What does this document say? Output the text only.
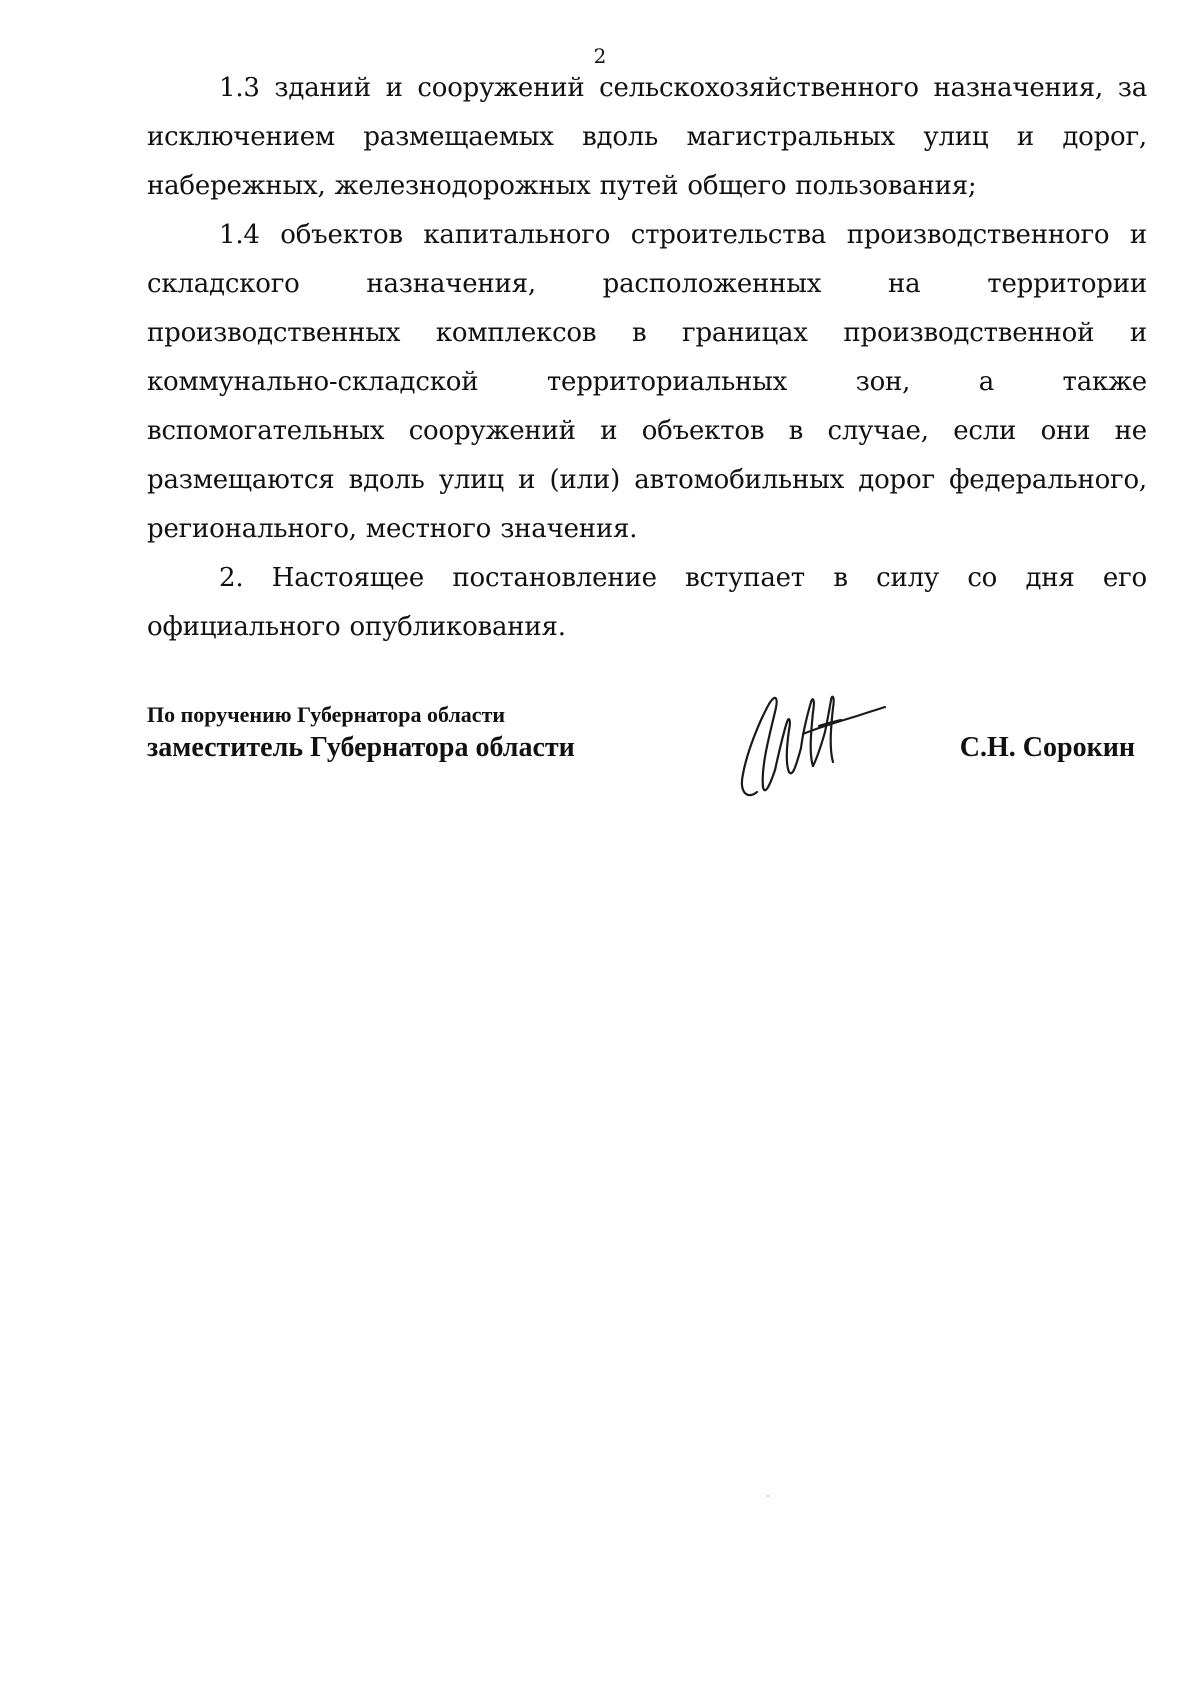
2

1.3 зданий и сооружений сельскохозяйственного назначения, за исключением размещаемых вдоль магистральных улиц и дорог, набережных, железнодорожных путей общего пользования;

1.4 объектов капитального строительства производственного и складского назначения, расположенных на территории производственных комплексов в границах производственной и коммунально-складской территориальных зон, а также вспомогательных сооружений и объектов в случае, если они не размещаются вдоль улиц и (или) автомобильных дорог федерального, регионального, местного значения.

2. Настоящее постановление вступает в силу со дня его официального опубликования.

По поручению Губернатора области
заместитель Губернатора области	С.Н. Сорокин
